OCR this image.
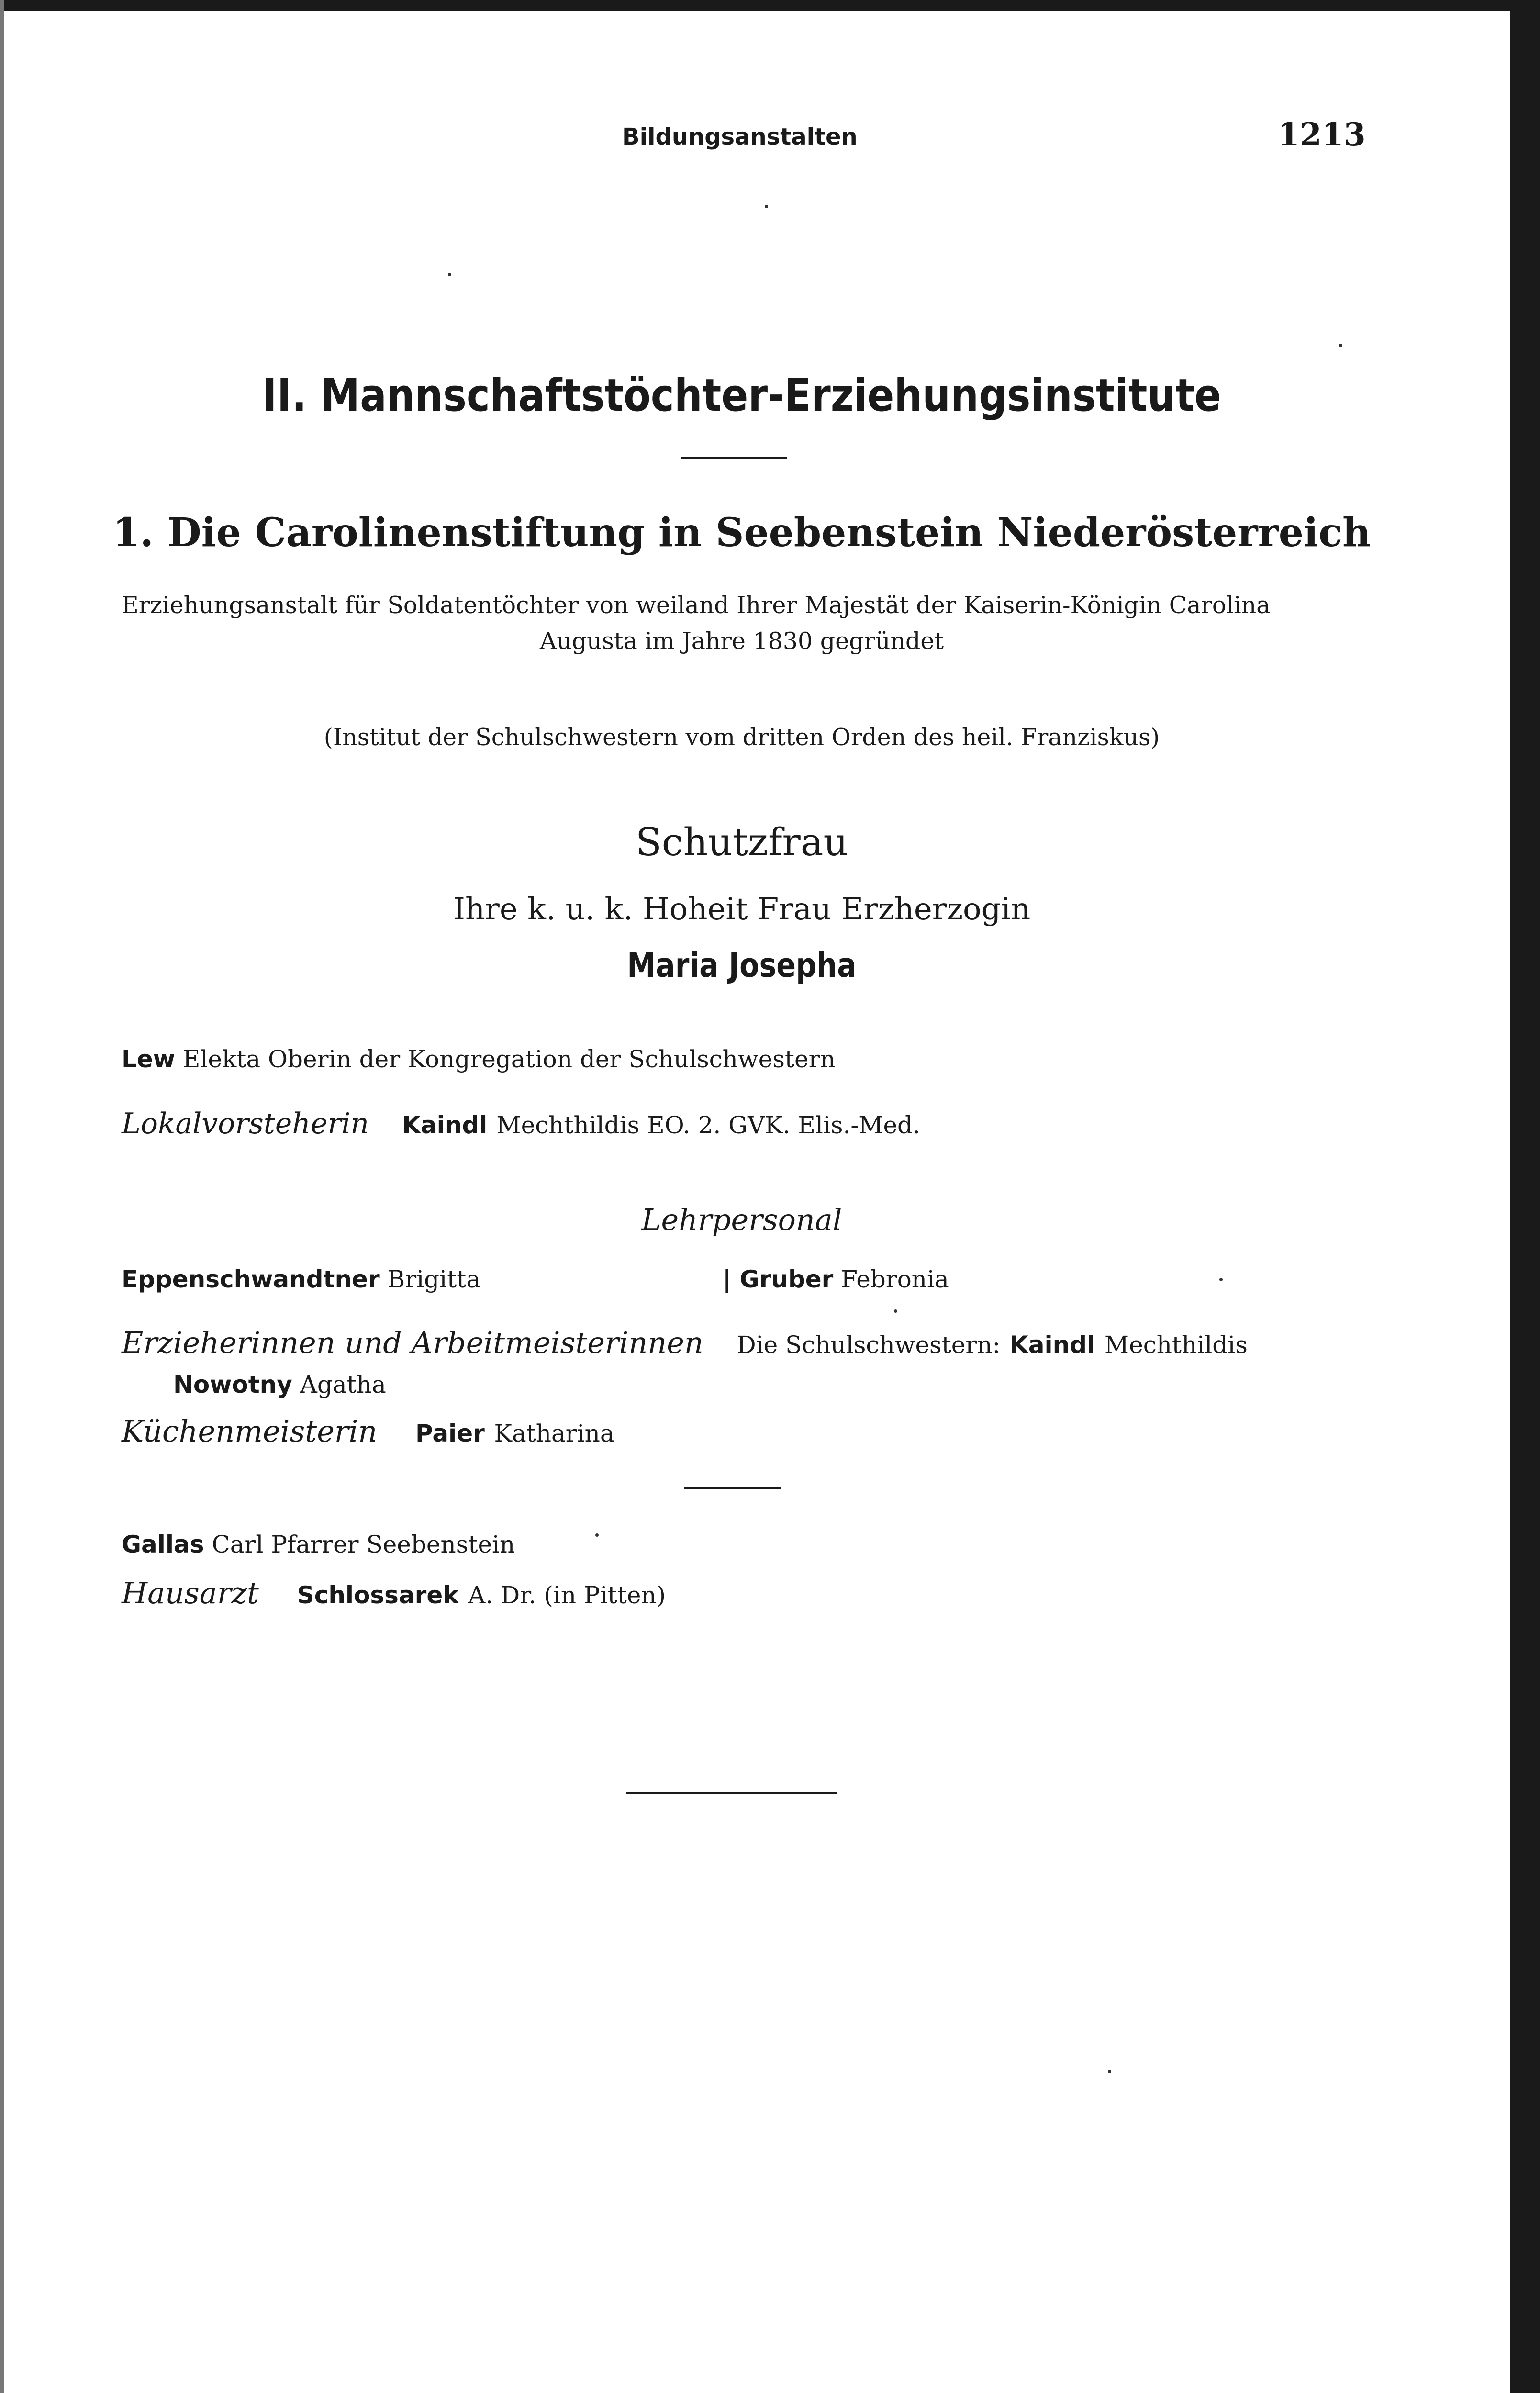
Bildungsanstalten	1213
II. Mannschaftstöchter-Erziehungsinstitute
1. Die Carolinenstiftung in Seebenstein Niederösterreich
Erziehungsanstalt für Soldatentöchter von weiland Ihrer Majestät der Kaiserin-Königin Carolina
Augusta im Jahre 1830 gegründet
(Institut der Schulschwestern vom dritten Orden des heil. Franziskus)
Schutzfrau
Ihre k. u. k. Hoheit Frau Erzherzogin
Maria Josepha
Lew Elekta Oberin der Kongregation der Schulschwestern
Lokalvorsteherin Kaindl Mechthildis EO. 2. GVK. Elis.-Med.
Lehrpersonal
Eppenschwandtner Brigitta	| Gruber Febronia
Erzieherinnen und Arbeitmeisterinnen Die Schulschwestern: Kaindl Mechthildis
Nowotny Agatha
Küchenmeisterin Paier Katharina
Gallas Carl Pfarrer Seebenstein
Hausarzt Schlossarek A. Dr. (in Pitten)
